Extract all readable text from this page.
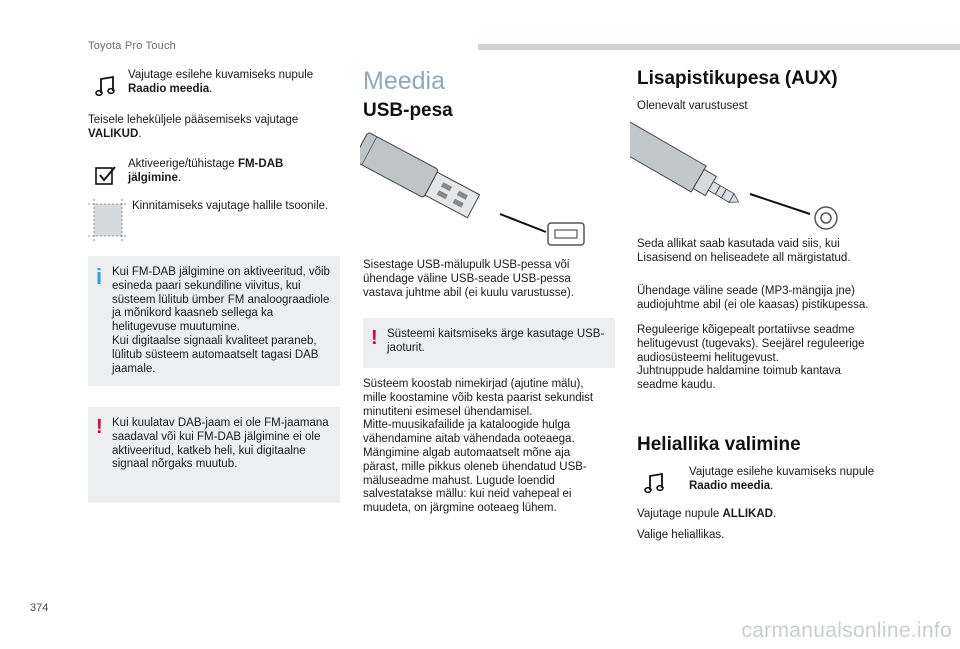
Toyota Pro Touch
Vajutage esilehe kuvamiseks nupule Raadio meedia.
Teisele leheküljele pääsemiseks vajutage VALIKUD.
Aktiveerige/tühistage FM-DAB jälgimine.
Kinnitamiseks vajutage hallile tsoonile.
i Kui FM-DAB jälgimine on aktiveeritud, võib esineda paari sekundiline viivitus, kui süsteem lülitub ümber FM analoograadiole ja mõnikord kaasneb sellega ka helitugevuse muutumine.
Kui digitaalse signaali kvaliteet paraneb, lülitub süsteem automaatselt tagasi DAB jaamale.
! Kui kuulatav DAB-jaam ei ole FM-jaamana saadaval või kui FM-DAB jälgimine ei ole aktiveeritud, katkeb heli, kui digitaalne signaal nõrgaks muutub.
Meedia
USB-pesa
Sisestage USB-mälupulk USB-pessa või ühendage väline USB-seade USB-pessa vastava juhtme abil (ei kuulu varustusse).
! Süsteemi kaitsmiseks ärge kasutage USB-jaoturit.
Süsteem koostab nimekirjad (ajutine mälu), mille koostamine võib kesta paarist sekundist minutiteni esimesel ühendamisel.
Mitte-muusikafailide ja kataloogide hulga vähendamine aitab vähendada ooteaega.
Mängimine algab automaatselt mõne aja pärast, mille pikkus oleneb ühendatud USB-mäluseadme mahust. Lugude loendid salvestatakse mällu: kui neid vahepeal ei muudeta, on järgmine ooteaeg lühem.
Lisapistikupesa (AUX)
Olenevalt varustusest
Seda allikat saab kasutada vaid siis, kui Lisasisend on heliseadete all märgistatud.
Ühendage väline seade (MP3-mängija jne) audiojuhtme abil (ei ole kaasas) pistikupessa.
Reguleerige kõigepealt portatiivse seadme helitugevust (tugevaks). Seejärel reguleerige audiosüsteemi helitugevust.
Juhtnuppude haldamine toimub kantava seadme kaudu.
Heliallika valimine
Vajutage esilehe kuvamiseks nupule Raadio meedia.
Vajutage nupule ALLIKAD.
Valige heliallikas.
374
carmanualsonline.info
